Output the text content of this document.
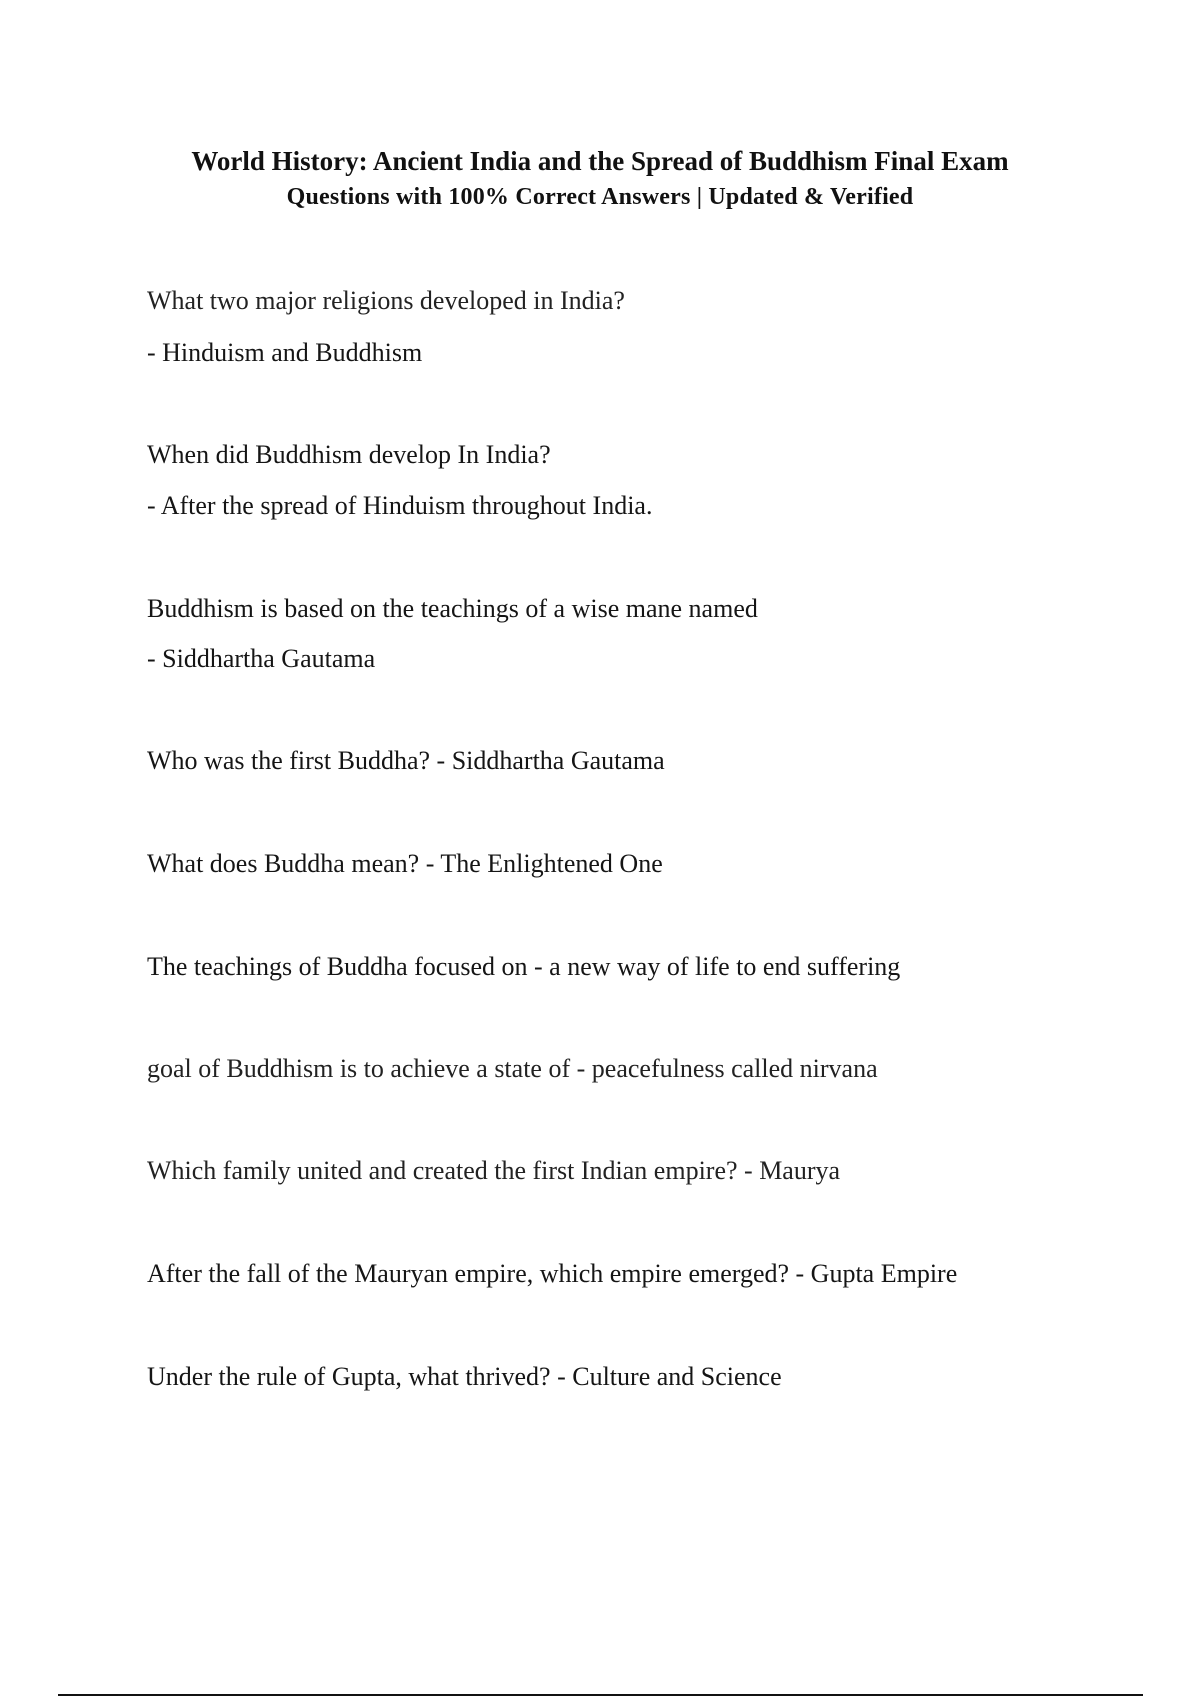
World History: Ancient India and the Spread of Buddhism Final Exam
Questions with 100% Correct Answers | Updated & Verified
What two major religions developed in India?
- Hinduism and Buddhism
When did Buddhism develop In India?
- After the spread of Hinduism throughout India.
Buddhism is based on the teachings of a wise mane named
- Siddhartha Gautama
Who was the first Buddha? - Siddhartha Gautama
What does Buddha mean? - The Enlightened One
The teachings of Buddha focused on - a new way of life to end suffering
goal of Buddhism is to achieve a state of - peacefulness called nirvana
Which family united and created the first Indian empire? - Maurya
After the fall of the Mauryan empire, which empire emerged? - Gupta Empire
Under the rule of Gupta, what thrived? - Culture and Science
